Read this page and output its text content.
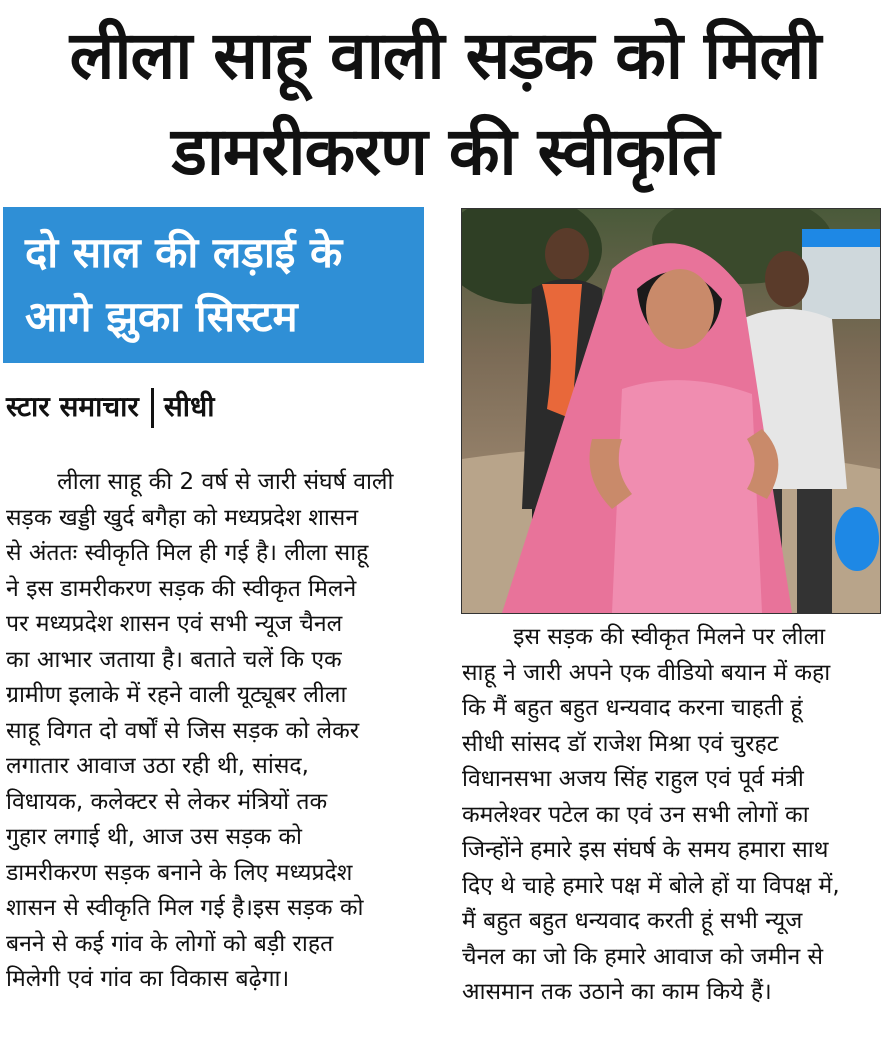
लीला साहू वाली सड़क को मिली
डामरीकरण की स्वीकृति
दो साल की लड़ाई के
आगे झुका सिस्टम
स्टार समाचार सीधी
लीला साहू की 2 वर्ष से जारी संघर्ष वाली
सड़क खड्डी खुर्द बगैहा को मध्यप्रदेश शासन
से अंततः स्वीकृति मिल ही गई है। लीला साहू
ने इस डामरीकरण सड़क की स्वीकृत मिलने
पर मध्यप्रदेश शासन एवं सभी न्यूज चैनल
का आभार जताया है। बताते चलें कि एक
ग्रामीण इलाके में रहने वाली यूट्यूबर लीला
साहू विगत दो वर्षों से जिस सड़क को लेकर
लगातार आवाज उठा रही थी, सांसद,
विधायक, कलेक्टर से लेकर मंत्रियों तक
गुहार लगाई थी, आज उस सड़क को
डामरीकरण सड़क बनाने के लिए मध्यप्रदेश
शासन से स्वीकृति मिल गई है।इस सड़क को
बनने से कई गांव के लोगों को बड़ी राहत
मिलेगी एवं गांव का विकास बढ़ेगा।
इस सड़क की स्वीकृत मिलने पर लीला
साहू ने जारी अपने एक वीडियो बयान में कहा
कि मैं बहुत बहुत धन्यवाद करना चाहती हूं
सीधी सांसद डॉ राजेश मिश्रा एवं चुरहट
विधानसभा अजय सिंह राहुल एवं पूर्व मंत्री
कमलेश्वर पटेल का एवं उन सभी लोगों का
जिन्होंने हमारे इस संघर्ष के समय हमारा साथ
दिए थे चाहे हमारे पक्ष में बोले हों या विपक्ष में,
मैं बहुत बहुत धन्यवाद करती हूं सभी न्यूज
चैनल का जो कि हमारे आवाज को जमीन से
आसमान तक उठाने का काम किये हैं।
